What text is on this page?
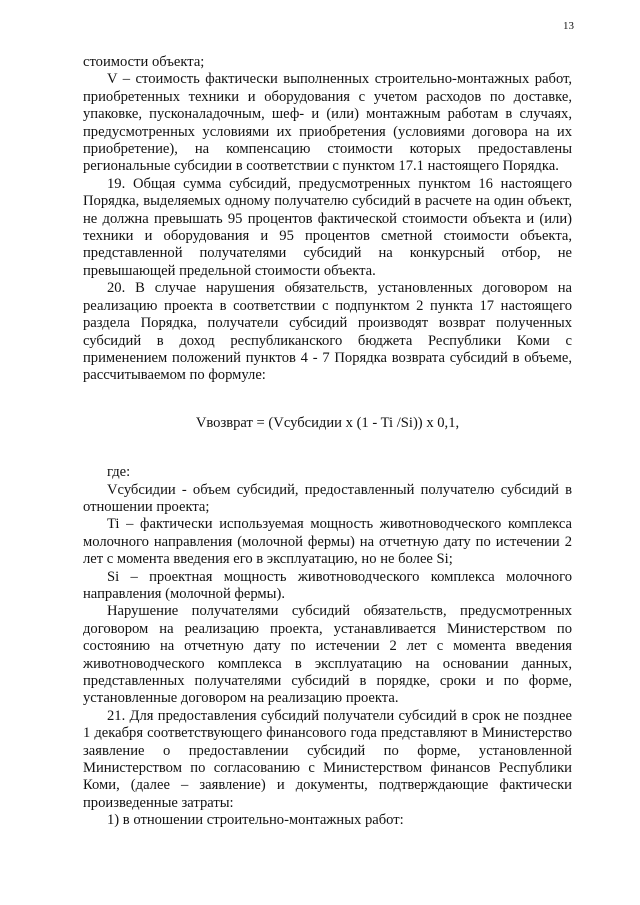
13

стоимости объекта;

V – стоимость фактически выполненных строительно-монтажных работ, приобретенных техники и оборудования с учетом расходов по доставке, упаковке, пусконаладочным, шеф- и (или) монтажным работам в случаях, предусмотренных условиями их приобретения (условиями договора на их приобретение), на компенсацию стоимости которых предоставлены региональные субсидии в соответствии с пунктом 17.1 настоящего Порядка.

19. Общая сумма субсидий, предусмотренных пунктом 16 настоящего Порядка, выделяемых одному получателю субсидий в расчете на один объект, не должна превышать 95 процентов фактической стоимости объекта и (или) техники и оборудования и 95 процентов сметной стоимости объекта, представленной получателями субсидий на конкурсный отбор, не превышающей предельной стоимости объекта.

20. В случае нарушения обязательств, установленных договором на реализацию проекта в соответствии с подпунктом 2 пункта 17 настоящего раздела Порядка, получатели субсидий производят возврат полученных субсидий в доход республиканского бюджета Республики Коми с применением положений пунктов 4 - 7 Порядка возврата субсидий в объеме, рассчитываемом по формуле:

Vвозврат = (Vсубсидии x (1 - Ti /Si)) x 0,1,

где:

Vсубсидии - объем субсидий, предоставленный получателю субсидий в отношении проекта;

Ti – фактически используемая мощность животноводческого комплекса молочного направления (молочной фермы) на отчетную дату по истечении 2 лет с момента введения его в эксплуатацию, но не более Si;

Si – проектная мощность животноводческого комплекса молочного направления (молочной фермы).

Нарушение получателями субсидий обязательств, предусмотренных договором на реализацию проекта, устанавливается Министерством по состоянию на отчетную дату по истечении 2 лет с момента введения животноводческого комплекса в эксплуатацию на основании данных, представленных получателями субсидий в порядке, сроки и по форме, установленные договором на реализацию проекта.

21. Для предоставления субсидий получатели субсидий в срок не позднее 1 декабря соответствующего финансового года представляют в Министерство заявление о предоставлении субсидий по форме, установленной Министерством по согласованию с Министерством финансов Республики Коми, (далее – заявление) и документы, подтверждающие фактически произведенные затраты:

1) в отношении строительно-монтажных работ:
